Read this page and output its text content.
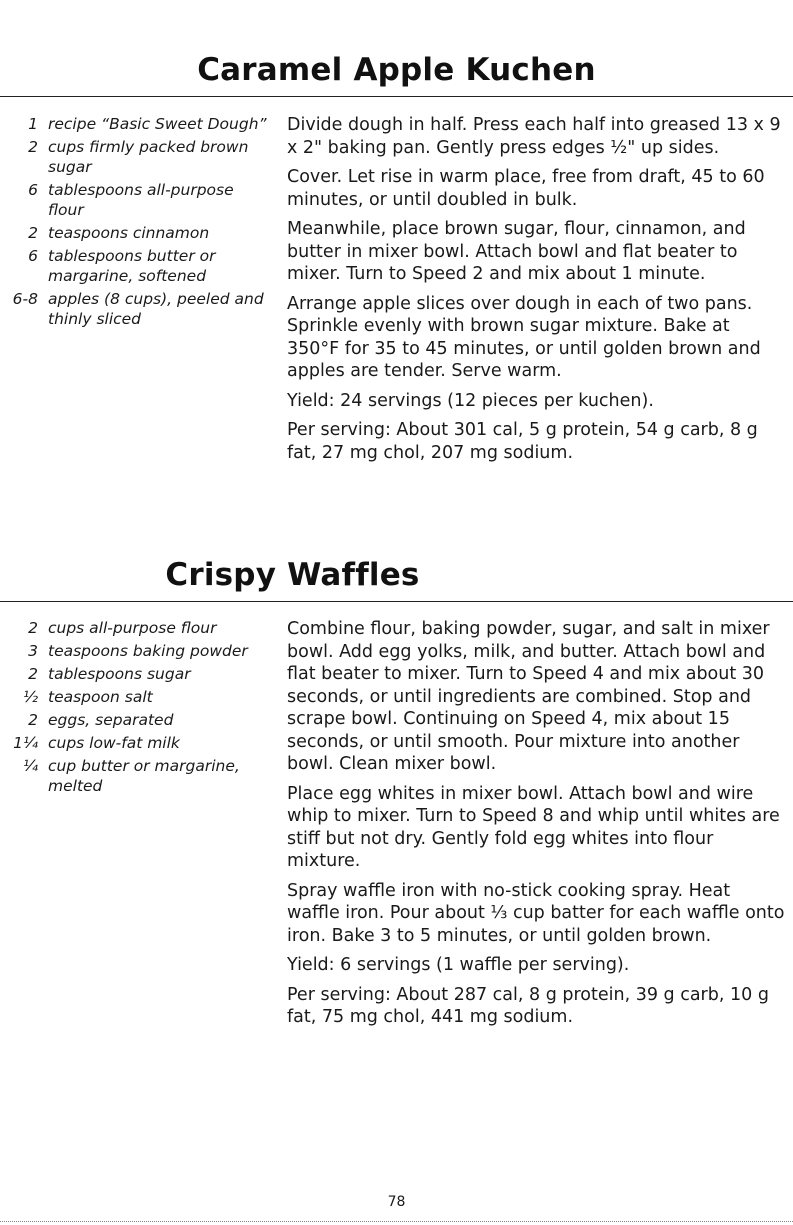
Caramel Apple Kuchen
1 recipe “Basic Sweet Dough”
2 cups firmly packed brown sugar
6 tablespoons all-purpose flour
2 teaspoons cinnamon
6 tablespoons butter or margarine, softened
6-8 apples (8 cups), peeled and thinly sliced

Divide dough in half. Press each half into greased 13 x 9 x 2" baking pan. Gently press edges ½" up sides.

Cover. Let rise in warm place, free from draft, 45 to 60 minutes, or until doubled in bulk.

Meanwhile, place brown sugar, flour, cinnamon, and butter in mixer bowl. Attach bowl and flat beater to mixer. Turn to Speed 2 and mix about 1 minute.

Arrange apple slices over dough in each of two pans. Sprinkle evenly with brown sugar mixture. Bake at 350°F for 35 to 45 minutes, or until golden brown and apples are tender. Serve warm.

Yield: 24 servings (12 pieces per kuchen).

Per serving: About 301 cal, 5 g protein, 54 g carb, 8 g fat, 27 mg chol, 207 mg sodium.

Crispy Waffles
2 cups all-purpose flour
3 teaspoons baking powder
2 tablespoons sugar
½ teaspoon salt
2 eggs, separated
1¼ cups low-fat milk
¼ cup butter or margarine, melted

Combine flour, baking powder, sugar, and salt in mixer bowl. Add egg yolks, milk, and butter. Attach bowl and flat beater to mixer. Turn to Speed 4 and mix about 30 seconds, or until ingredients are combined. Stop and scrape bowl. Continuing on Speed 4, mix about 15 seconds, or until smooth. Pour mixture into another bowl. Clean mixer bowl.

Place egg whites in mixer bowl. Attach bowl and wire whip to mixer. Turn to Speed 8 and whip until whites are stiff but not dry. Gently fold egg whites into flour mixture.

Spray waffle iron with no-stick cooking spray. Heat waffle iron. Pour about ⅓ cup batter for each waffle onto iron. Bake 3 to 5 minutes, or until golden brown.

Yield: 6 servings (1 waffle per serving).

Per serving: About 287 cal, 8 g protein, 39 g carb, 10 g fat, 75 mg chol, 441 mg sodium.

78
